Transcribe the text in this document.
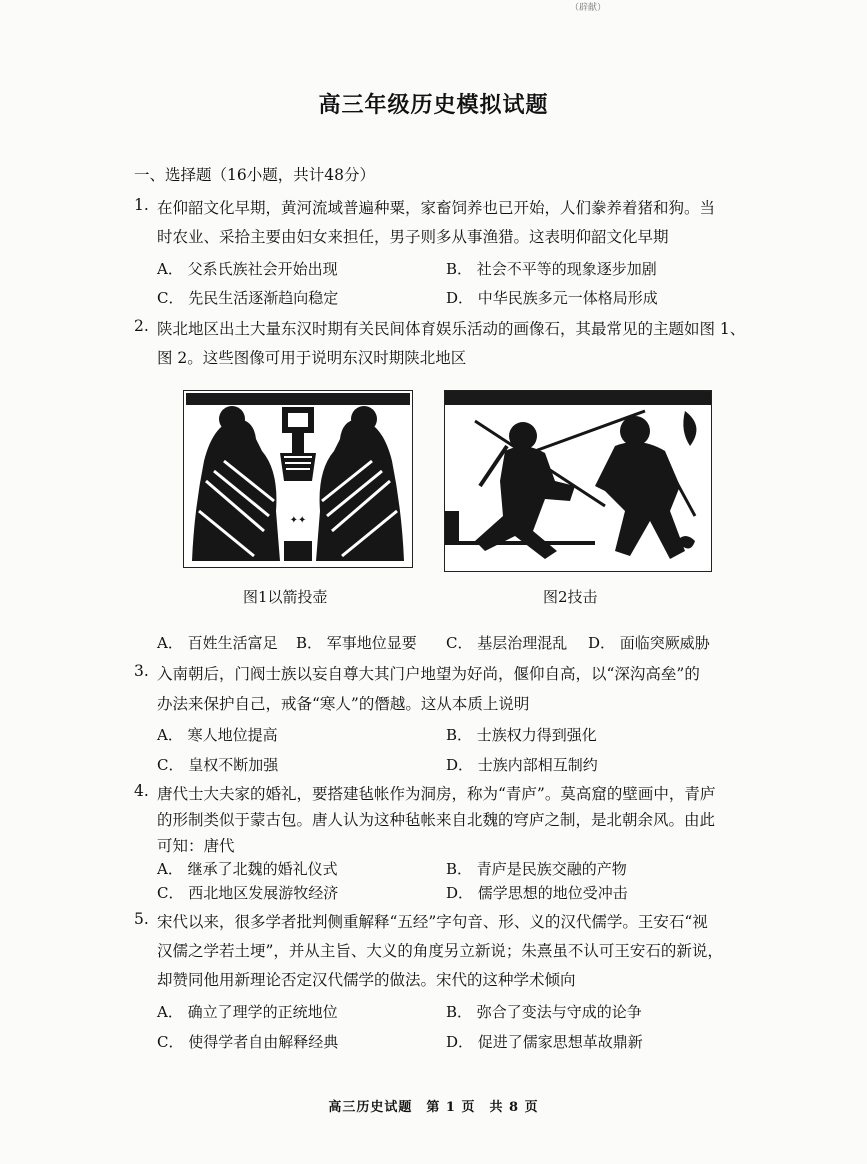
（辟献）
高三年级历史模拟试题
一、选择题（16小题，共计48分）
1. 在仰韶文化早期，黄河流域普遍种粟，家畜饲养也已开始，人们豢养着猪和狗。当
时农业、采拾主要由妇女来担任，男子则多从事渔猎。这表明仰韶文化早期
A． 父系氏族社会开始出现	B． 社会不平等的现象逐步加剧
C． 先民生活逐渐趋向稳定	D． 中华民族多元一体格局形成
2. 陕北地区出土大量东汉时期有关民间体育娱乐活动的画像石，其最常见的主题如图 1、
图 2。这些图像可用于说明东汉时期陕北地区
✦✦
图1以箭投壶	图2技击
A． 百姓生活富足 B． 军事地位显要 C． 基层治理混乱 D． 面临突厥威胁
3. 入南朝后，门阀士族以妄自尊大其门户地望为好尚，偃仰自高，以“深沟高垒”的
办法来保护自己，戒备“寒人”的僭越。这从本质上说明
A． 寒人地位提高	B． 士族权力得到强化
C． 皇权不断加强	D． 士族内部相互制约
4. 唐代士大夫家的婚礼，要搭建毡帐作为洞房，称为“青庐”。莫高窟的壁画中，青庐
的形制类似于蒙古包。唐人认为这种毡帐来自北魏的穹庐之制，是北朝余风。由此
可知：唐代
A． 继承了北魏的婚礼仪式	B． 青庐是民族交融的产物
C． 西北地区发展游牧经济	D． 儒学思想的地位受冲击
5. 宋代以来，很多学者批判侧重解释“五经”字句音、形、义的汉代儒学。王安石“视
汉儒之学若土埂”，并从主旨、大义的角度另立新说；朱熹虽不认可王安石的新说，
却赞同他用新理论否定汉代儒学的做法。宋代的这种学术倾向
A． 确立了理学的正统地位	B． 弥合了变法与守成的论争
C． 使得学者自由解释经典	D． 促进了儒家思想革故鼎新
高三历史试题　第 1 页　共 8 页
